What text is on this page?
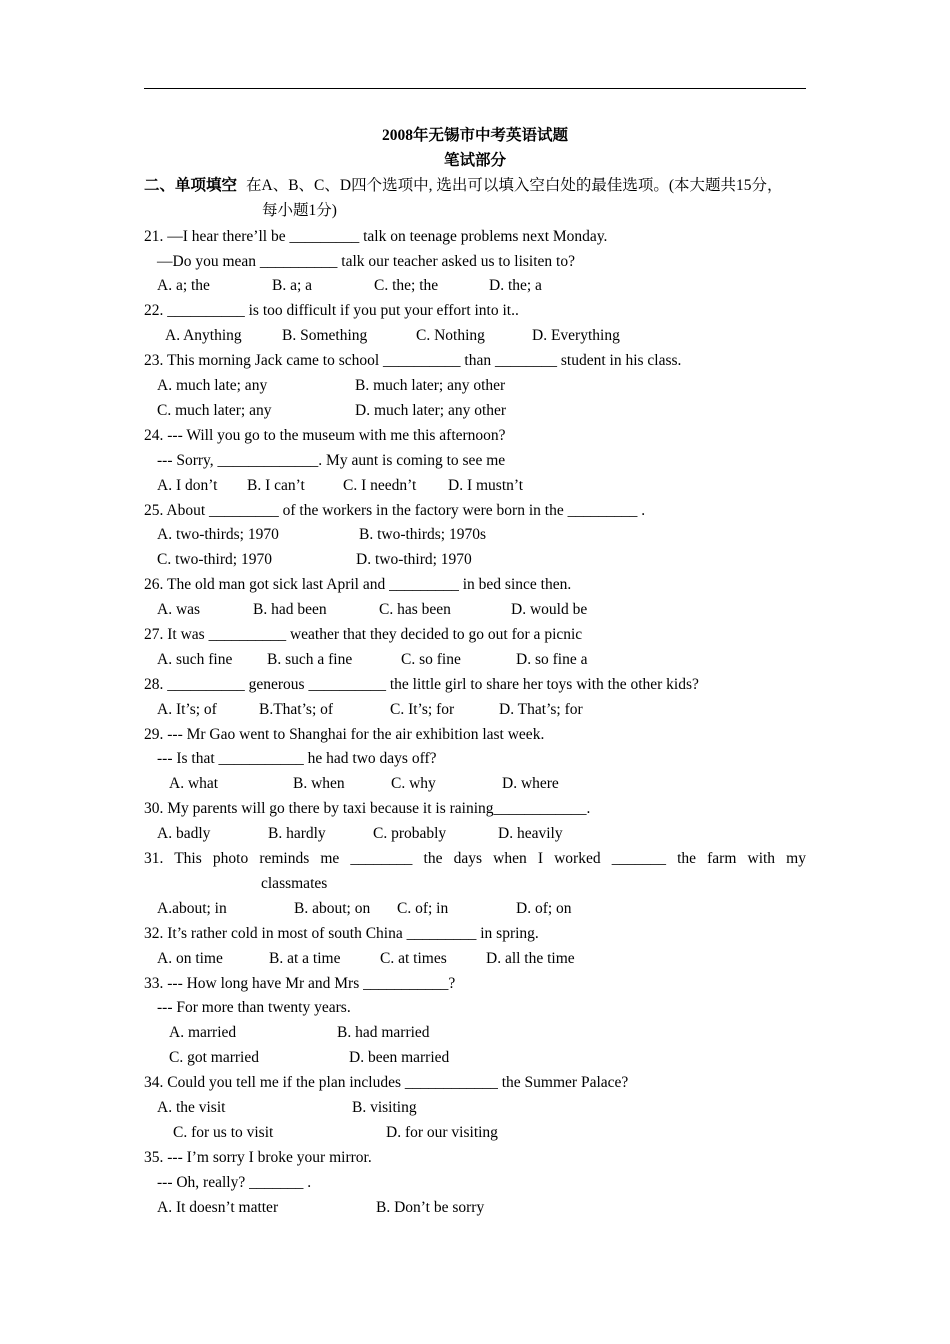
2008年无锡市中考英语试题
笔试部分
二、单项填空 在A、B、C、D四个选项中, 选出可以填入空白处的最佳选项。(本大题共15分，
每小题1分)
21. —I hear there’ll be _________ talk on teenage problems next Monday.
—Do you mean __________ talk our teacher asked us to lisiten to?
A. a; the	B. a; a	C. the; the	D. the; a
22. __________ is too difficult if you put your effort into it..
A. Anything	B. Something	C. Nothing	D. Everything
23. This morning Jack came to school __________ than ________ student in his class.
A. much late; any	B. much later; any other
C. much later; any	D. much later; any other
24. --- Will you go to the museum with me this afternoon?
--- Sorry, _____________. My aunt is coming to see me
A. I don’t B. I can’t C. I needn’t D. I mustn’t
25. About _________ of the workers in the factory were born in the _________ .
A. two-thirds; 1970	B. two-thirds; 1970s
C. two-third; 1970	D. two-third; 1970
26. The old man got sick last April and _________ in bed since then.
A. was	B. had been	C. has been	D. would be
27. It was __________ weather that they decided to go out for a picnic
A. such fine B. such a fine	C. so fine	D. so fine a
28. __________ generous __________ the little girl to share her toys with the other kids?
A. It’s; of	B.That’s; of	C. It’s; for	D. That’s; for
29. --- Mr Gao went to Shanghai for the air exhibition last week.
--- Is that ___________ he had two days off?
A. what	B. when	C. why	D. where
30. My parents will go there by taxi because it is raining____________.
A. badly	B. hardly	C. probably	D. heavily
31. This photo reminds me ________ the days when I worked _______ the farm with my
classmates
A.about; in	B. about; on C. of; in	D. of; on
32. It’s rather cold in most of south China _________ in spring.
A. on time	B. at a time	C. at times	D. all the time
33. --- How long have Mr and Mrs ___________?
--- For more than twenty years.
A. married	B. had married
C. got married	D. been married
34. Could you tell me if the plan includes ____________ the Summer Palace?
A. the visit	B. visiting
C. for us to visit	D. for our visiting
35. --- I’m sorry I broke your mirror.
--- Oh, really? _______ .
A. It doesn’t matter	B. Don’t be sorry
